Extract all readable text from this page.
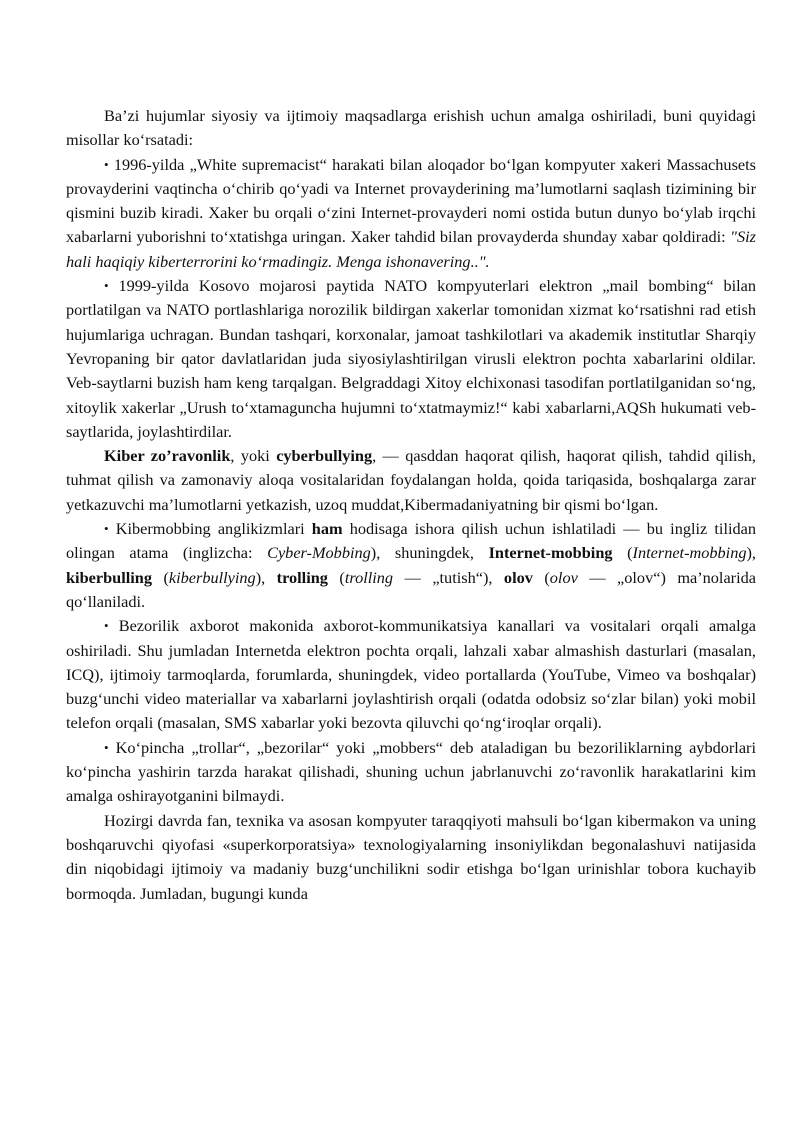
Ba’zi hujumlar siyosiy va ijtimoiy maqsadlarga erishish uchun amalga oshiriladi, buni quyidagi misollar ko‘rsatadi:

• 1996-yilda „White supremacist“ harakati bilan aloqador bo‘lgan kompyuter xakeri Massachusets provayderini vaqtincha o‘chirib qo‘yadi va Internet provayderining ma’lumotlarni saqlash tizimining bir qismini buzib kiradi. Xaker bu orqali o‘zini Internet-provayderi nomi ostida butun dunyo bo‘ylab irqchi xabarlarni yuborishni to‘xtatishga uringan. Xaker tahdid bilan provayderda shunday xabar qoldiradi: "Siz hali haqiqiy kiberterrorini ko‘rmadingiz. Menga ishonavering..".

• 1999-yilda Kosovo mojarosi paytida NATO kompyuterlari elektron „mail bombing“ bilan portlatilgan va NATO portlashlariga norozilik bildirgan xakerlar tomonidan xizmat ko‘rsatishni rad etish hujumlariga uchragan. Bundan tashqari, korxonalar, jamoat tashkilotlari va akademik institutlar Sharqiy Yevropaning bir qator davlatlaridan juda siyosiylashtirilgan virusli elektron pochta xabarlarini oldilar. Veb-saytlarni buzish ham keng tarqalgan. Belgraddagi Xitoy elchixonasi tasodifan portlatilganidan so‘ng, xitoylik xakerlar „Urush to‘xtamaguncha hujumni to‘xtatmaymiz!“ kabi xabarlarni,AQSh hukumati veb-saytlarida, joylashtirdilar.

Kiber zo’ravonlik, yoki cyberbullying, — qasddan haqorat qilish, haqorat qilish, tahdid qilish, tuhmat qilish va zamonaviy aloqa vositalaridan foydalangan holda, qoida tariqasida, boshqalarga zarar yetkazuvchi ma’lumotlarni yetkazish, uzoq muddat,Kibermadaniyatning bir qismi bo‘lgan.

• Kibermobbing anglikizmlari ham hodisaga ishora qilish uchun ishlatiladi — bu ingliz tilidan olingan atama (inglizcha: Cyber-Mobbing), shuningdek, Internet-mobbing (Internet-mobbing), kiberbulling (kiberbullying), trolling (trolling — „tutish“), olov (olov — „olov“) ma’nolarida qo‘llaniladi.

• Bezorilik axborot makonida axborot-kommunikatsiya kanallari va vositalari orqali amalga oshiriladi. Shu jumladan Internetda elektron pochta orqali, lahzali xabar almashish dasturlari (masalan, ICQ), ijtimoiy tarmoqlarda, forumlarda, shuningdek, video portallarda (YouTube, Vimeo va boshqalar) buzg‘unchi video materiallar va xabarlarni joylashtirish orqali (odatda odobsiz so‘zlar bilan) yoki mobil telefon orqali (masalan, SMS xabarlar yoki bezovta qiluvchi qo‘ng‘iroqlar orqali).

• Ko‘pincha „trollar“, „bezorilar“ yoki „mobbers“ deb ataladigan bu bezoriliklarning aybdorlari ko‘pincha yashirin tarzda harakat qilishadi, shuning uchun jabrlanuvchi zo‘ravonlik harakatlarini kim amalga oshirayotganini bilmaydi.

Hozirgi davrda fan, texnika va asosan kompyuter taraqqiyoti mahsuli bo‘lgan kibermakon va uning boshqaruvchi qiyofasi «superkorporatsiya» texnologiyalarning insoniylikdan begonalashuvi natijasida din niqobidagi ijtimoiy va madaniy buzg‘unchilikni sodir etishga bo‘lgan urinishlar tobora kuchayib bormoqda. Jumladan, bugungi kunda
